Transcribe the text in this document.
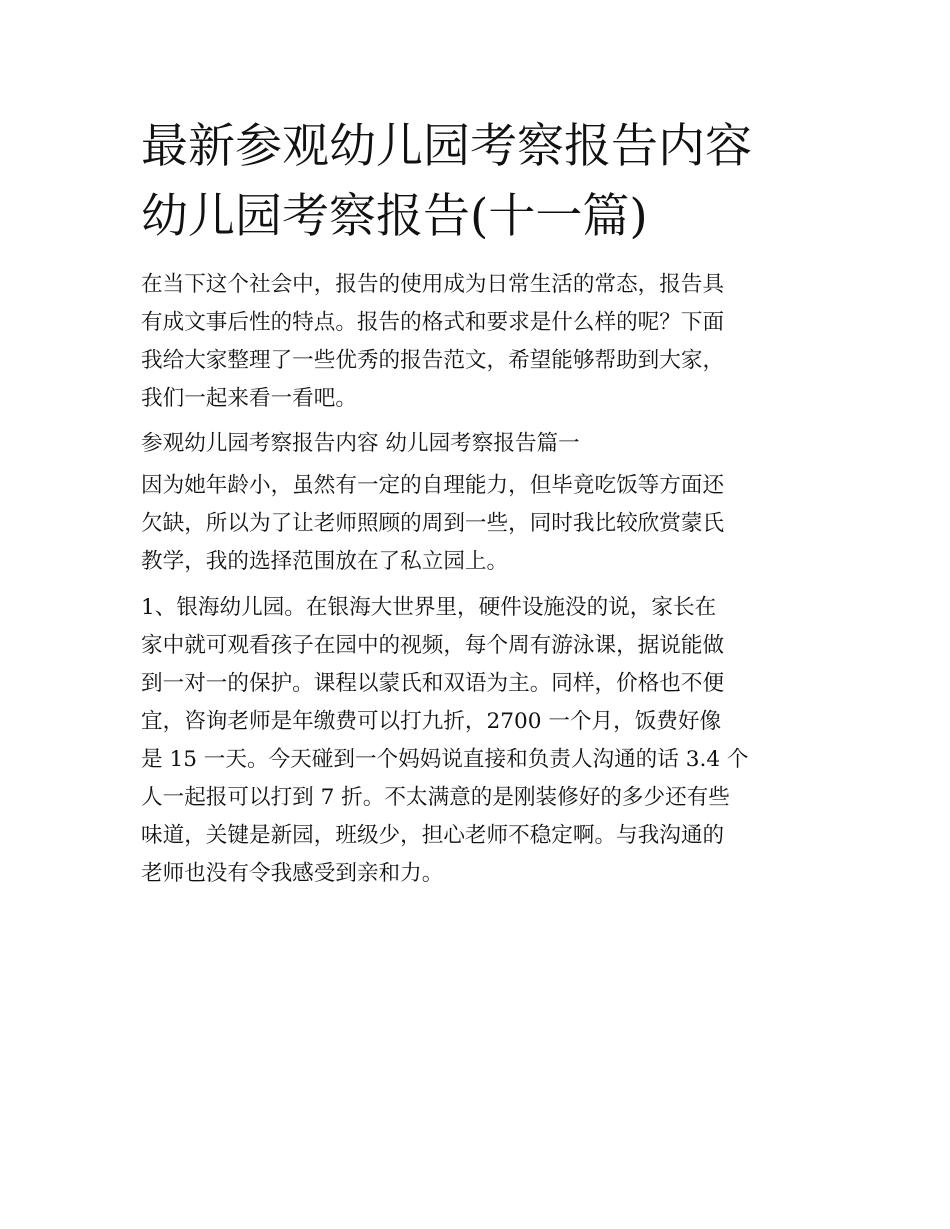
最新参观幼儿园考察报告内容
幼儿园考察报告(十一篇)

在当下这个社会中，报告的使用成为日常生活的常态，报告具
有成文事后性的特点。报告的格式和要求是什么样的呢？下面
我给大家整理了一些优秀的报告范文，希望能够帮助到大家，
我们一起来看一看吧。

参观幼儿园考察报告内容 幼儿园考察报告篇一

因为她年龄小，虽然有一定的自理能力，但毕竟吃饭等方面还
欠缺，所以为了让老师照顾的周到一些，同时我比较欣赏蒙氏
教学，我的选择范围放在了私立园上。

1、银海幼儿园。在银海大世界里，硬件设施没的说，家长在
家中就可观看孩子在园中的视频，每个周有游泳课，据说能做
到一对一的保护。课程以蒙氏和双语为主。同样，价格也不便
宜，咨询老师是年缴费可以打九折，2700 一个月，饭费好像
是 15 一天。今天碰到一个妈妈说直接和负责人沟通的话 3.4 个
人一起报可以打到 7 折。不太满意的是刚装修好的多少还有些
味道，关键是新园，班级少，担心老师不稳定啊。与我沟通的
老师也没有令我感受到亲和力。
